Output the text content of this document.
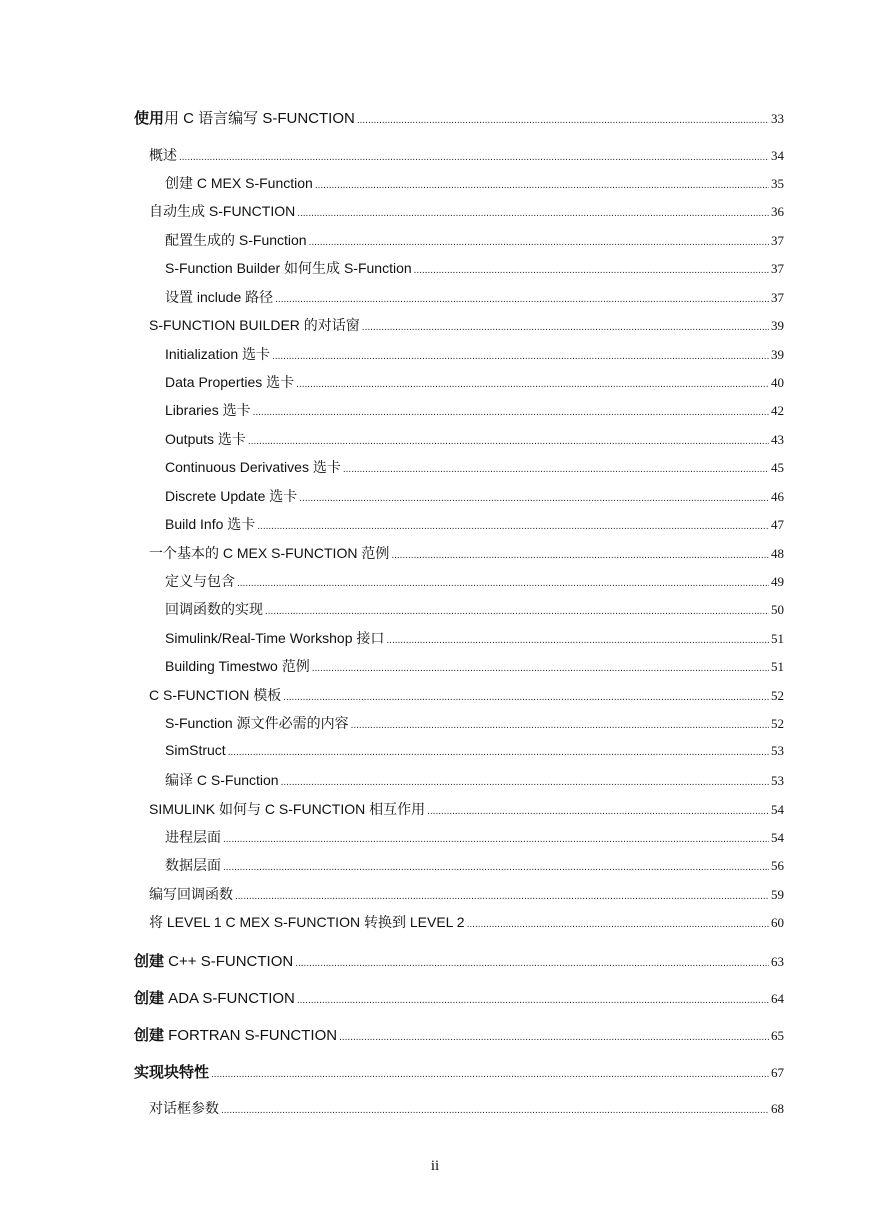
使用用 C 语言编写 S-FUNCTION .....	33
概述 .....	34
创建 C MEX S-Function .....	35
自动生成 S-FUNCTION .....	36
配置生成的 S-Function .....	37
S-Function Builder 如何生成 S-Function .....	37
设置 include 路径 .....	37
S-FUNCTION BUILDER 的对话窗 .....	39
Initialization 选卡 .....	39
Data Properties 选卡 .....	40
Libraries 选卡 .....	42
Outputs 选卡 .....	43
Continuous Derivatives 选卡 .....	45
Discrete Update 选卡 .....	46
Build Info 选卡 .....	47
一个基本的 C MEX S-FUNCTION 范例 .....	48
定义与包含 .....	49
回调函数的实现 .....	50
Simulink/Real-Time Workshop 接口 .....	51
Building Timestwo 范例 .....	51
C S-FUNCTION 模板 .....	52
S-Function 源文件必需的内容 .....	52
SimStruct .....	53
编译 C S-Function .....	53
SIMULINK 如何与 C S-FUNCTION 相互作用 .....	54
进程层面 .....	54
数据层面 .....	56
编写回调函数 .....	59
将 LEVEL 1 C MEX S-FUNCTION 转换到 LEVEL 2 .....	60
创建 C++ S-FUNCTION .....	63
创建 ADA S-FUNCTION .....	64
创建 FORTRAN S-FUNCTION .....	65
实现块特性 .....	67
对话框参数 .....	68
ii
